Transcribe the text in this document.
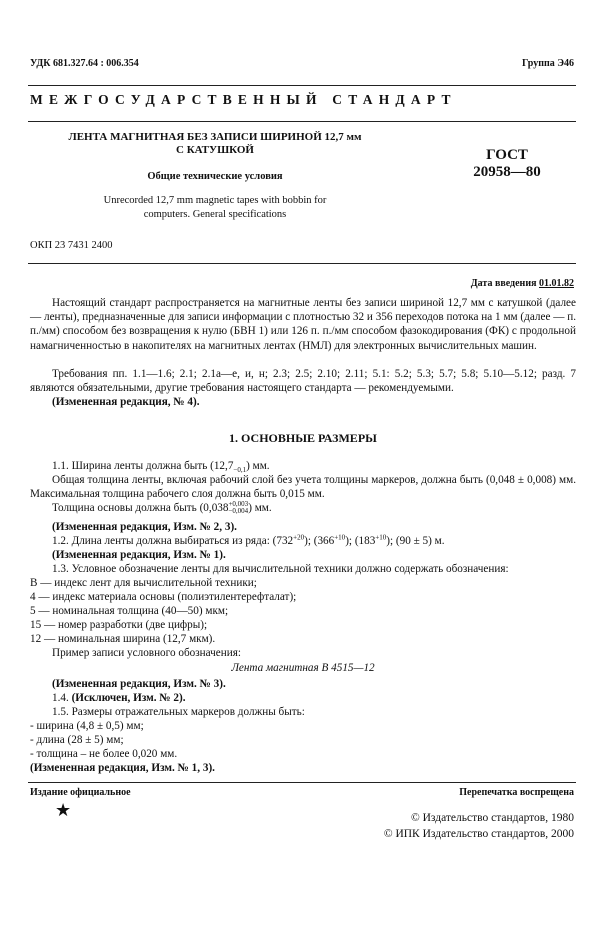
УДК 681.327.64 : 006.354	Группа Э46
МЕЖГОСУДАРСТВЕННЫЙ СТАНДАРТ
ЛЕНТА МАГНИТНАЯ БЕЗ ЗАПИСИ ШИРИНОЙ 12,7 мм
С КАТУШКОЙ
Общие технические условия
Unrecorded 12,7 mm magnetic tapes with bobbin for
computers. General specifications
ГОСТ
20958—80
ОКП 23 7431 2400
Дата введения 01.01.82
Настоящий стандарт распространяется на магнитные ленты без записи шириной 12,7 мм с катушкой (далее — ленты), предназначенные для записи информации с плотностью 32 и 356 переходов потока на 1 мм (далее — п. п./мм) способом без возвращения к нулю (БВН 1) или 126 п. п./мм способом фазокодирования (ФК) с продольной намагниченностью в накопителях на магнитных лентах (НМЛ) для электронных вычислительных машин.
Требования пп. 1.1—1.6; 2.1; 2.1а—е, и, н; 2.3; 2.5; 2.10; 2.11; 5.1: 5.2; 5.3; 5.7; 5.8; 5.10—5.12; разд. 7 являются обязательными, другие требования настоящего стандарта — рекомендуемыми.
(Измененная редакция, № 4).
1. ОСНОВНЫЕ РАЗМЕРЫ
1.1. Ширина ленты должна быть $(12,7_{-0,1})$ мм.
Общая толщина ленты, включая рабочий слой без учета толщины маркеров, должна быть (0,048 ± 0,008) мм. Максимальная толщина рабочего слоя должна быть 0,015 мм.
Толщина основы должна быть (0,038+0,003
−0,004) мм.
(Измененная редакция, Изм. № 2, 3).
1.2. Длина ленты должна выбираться из ряда: $(732^{+20})$; $(366^{+10})$; $(183^{+10})$; (90 ± 5) м.
(Измененная редакция, Изм. № 1).
1.3. Условное обозначение ленты для вычислительной техники должно содержать обозначения:
В — индекс лент для вычислительной техники;
4 — индекс материала основы (полиэтилентерефталат);
5 — номинальная толщина (40—50) мкм;
15 — номер разработки (две цифры);
12 — номинальная ширина (12,7 мкм).
Пример записи условного обозначения:
Лента магнитная В 4515—12
(Измененная редакция, Изм. № 3).
1.4. (Исключен, Изм. № 2).
1.5. Размеры отражательных маркеров должны быть:
- ширина (4,8 ± 0,5) мм;
- длина (28 ± 5) мм;
- толщина – не более 0,020 мм.
(Измененная редакция, Изм. № 1, 3).
Издание официальное	Перепечатка воспрещена
★	© Издательство стандартов, 1980
© ИПК Издательство стандартов, 2000
